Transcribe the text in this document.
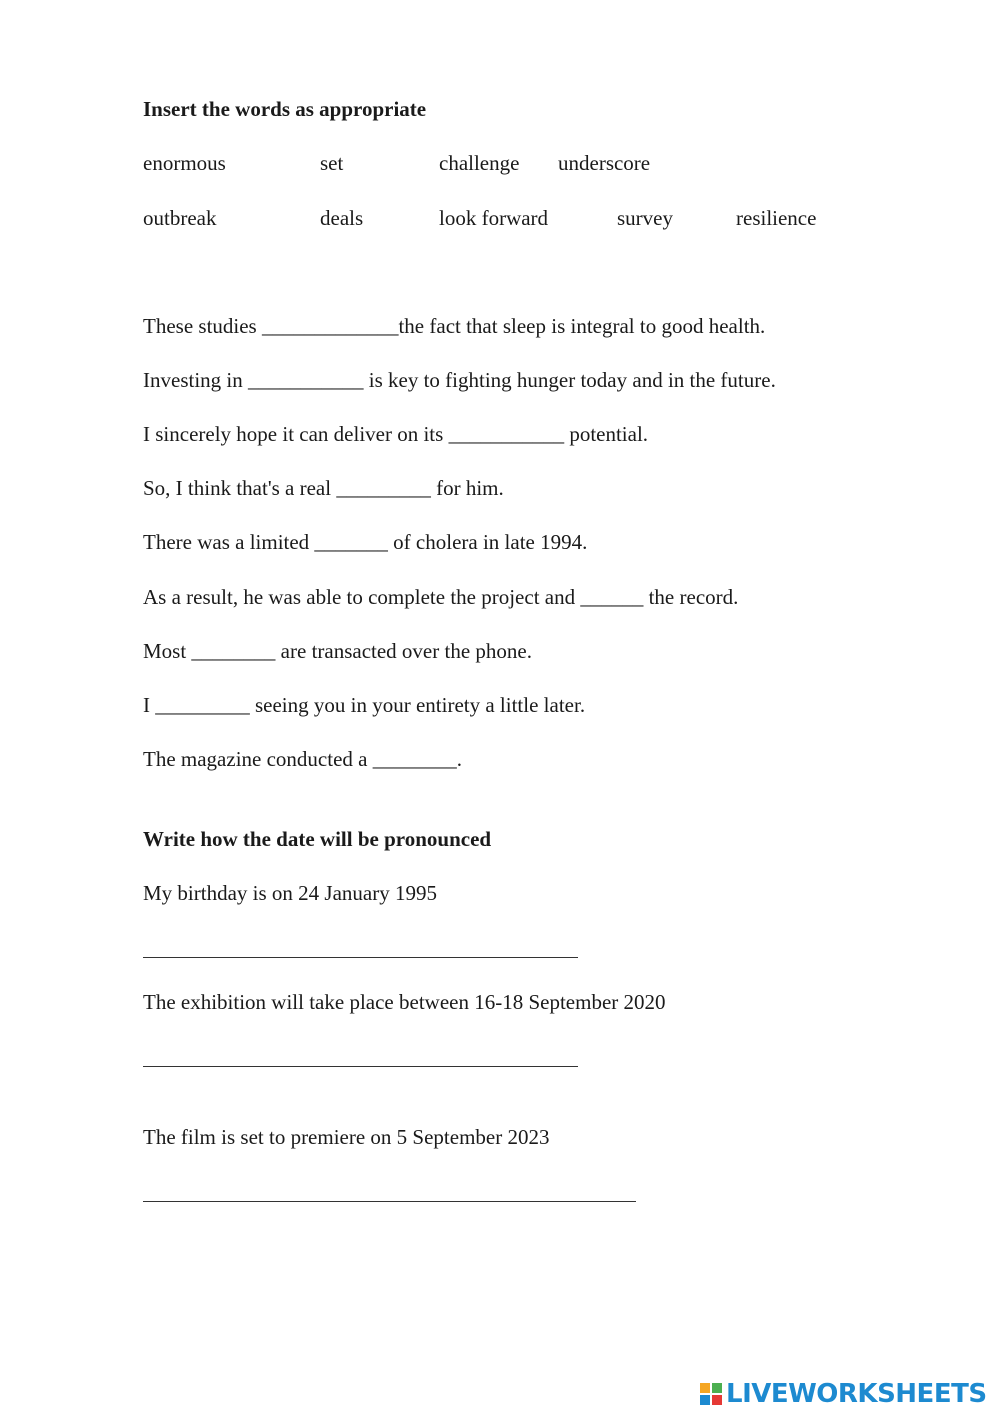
Insert the words as appropriate
enormous	set	challenge underscore
outbreak	deals	look forward	survey	resilience
These studies _____________the fact that sleep is integral to good health.
Investing in ___________ is key to fighting hunger today and in the future.
I sincerely hope it can deliver on its ___________ potential.
So, I think that's a real _________ for him.
There was a limited _______ of cholera in late 1994.
As a result, he was able to complete the project and ______ the record.
Most ________ are transacted over the phone.
I _________ seeing you in your entirety a little later.
The magazine conducted a ________.
Write how the date will be pronounced
My birthday is on 24 January 1995
The exhibition will take place between 16-18 September 2020
The film is set to premiere on 5 September 2023
LIVEWORKSHEETS
